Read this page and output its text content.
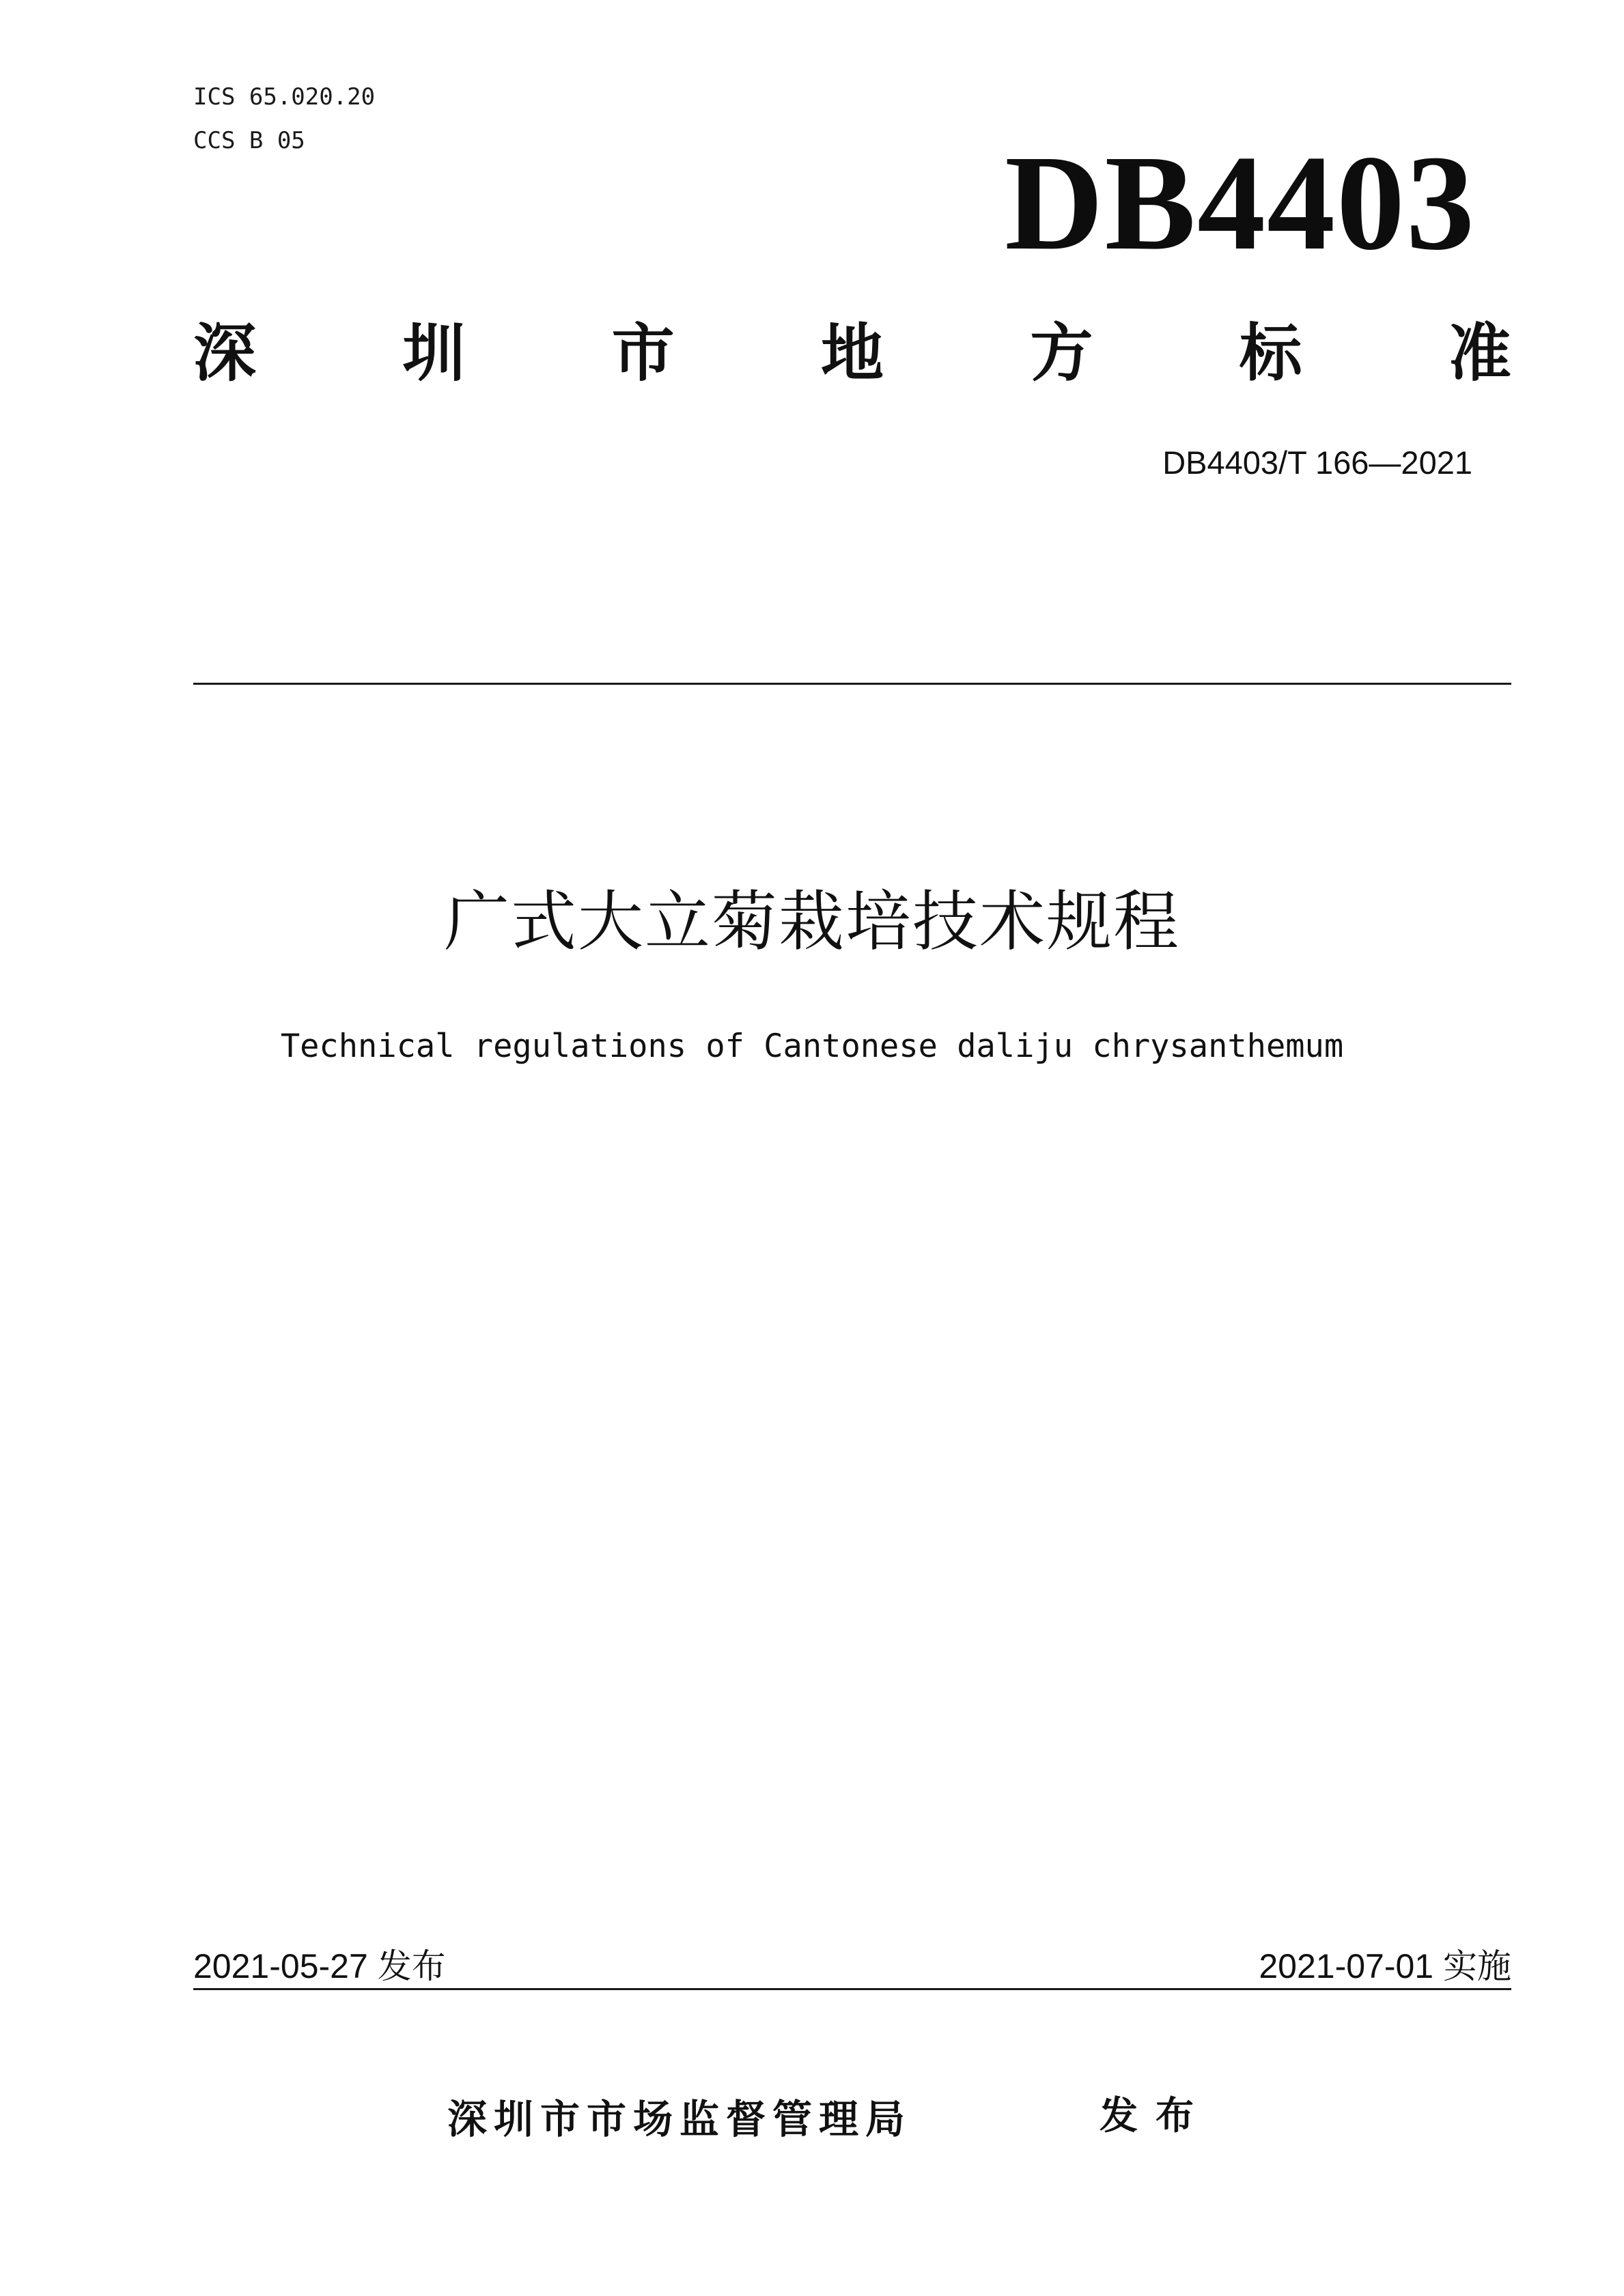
ICS 65.020.20
CCS B 05	DB4403
深 圳 市 地 方 标 准
DB4403/T 166—2021
广式大立菊栽培技术规程
Technical regulations of Cantonese daliju chrysanthemum
2021-05-27 发布	2021-07-01 实施
深圳市市场监督管理局	发布
